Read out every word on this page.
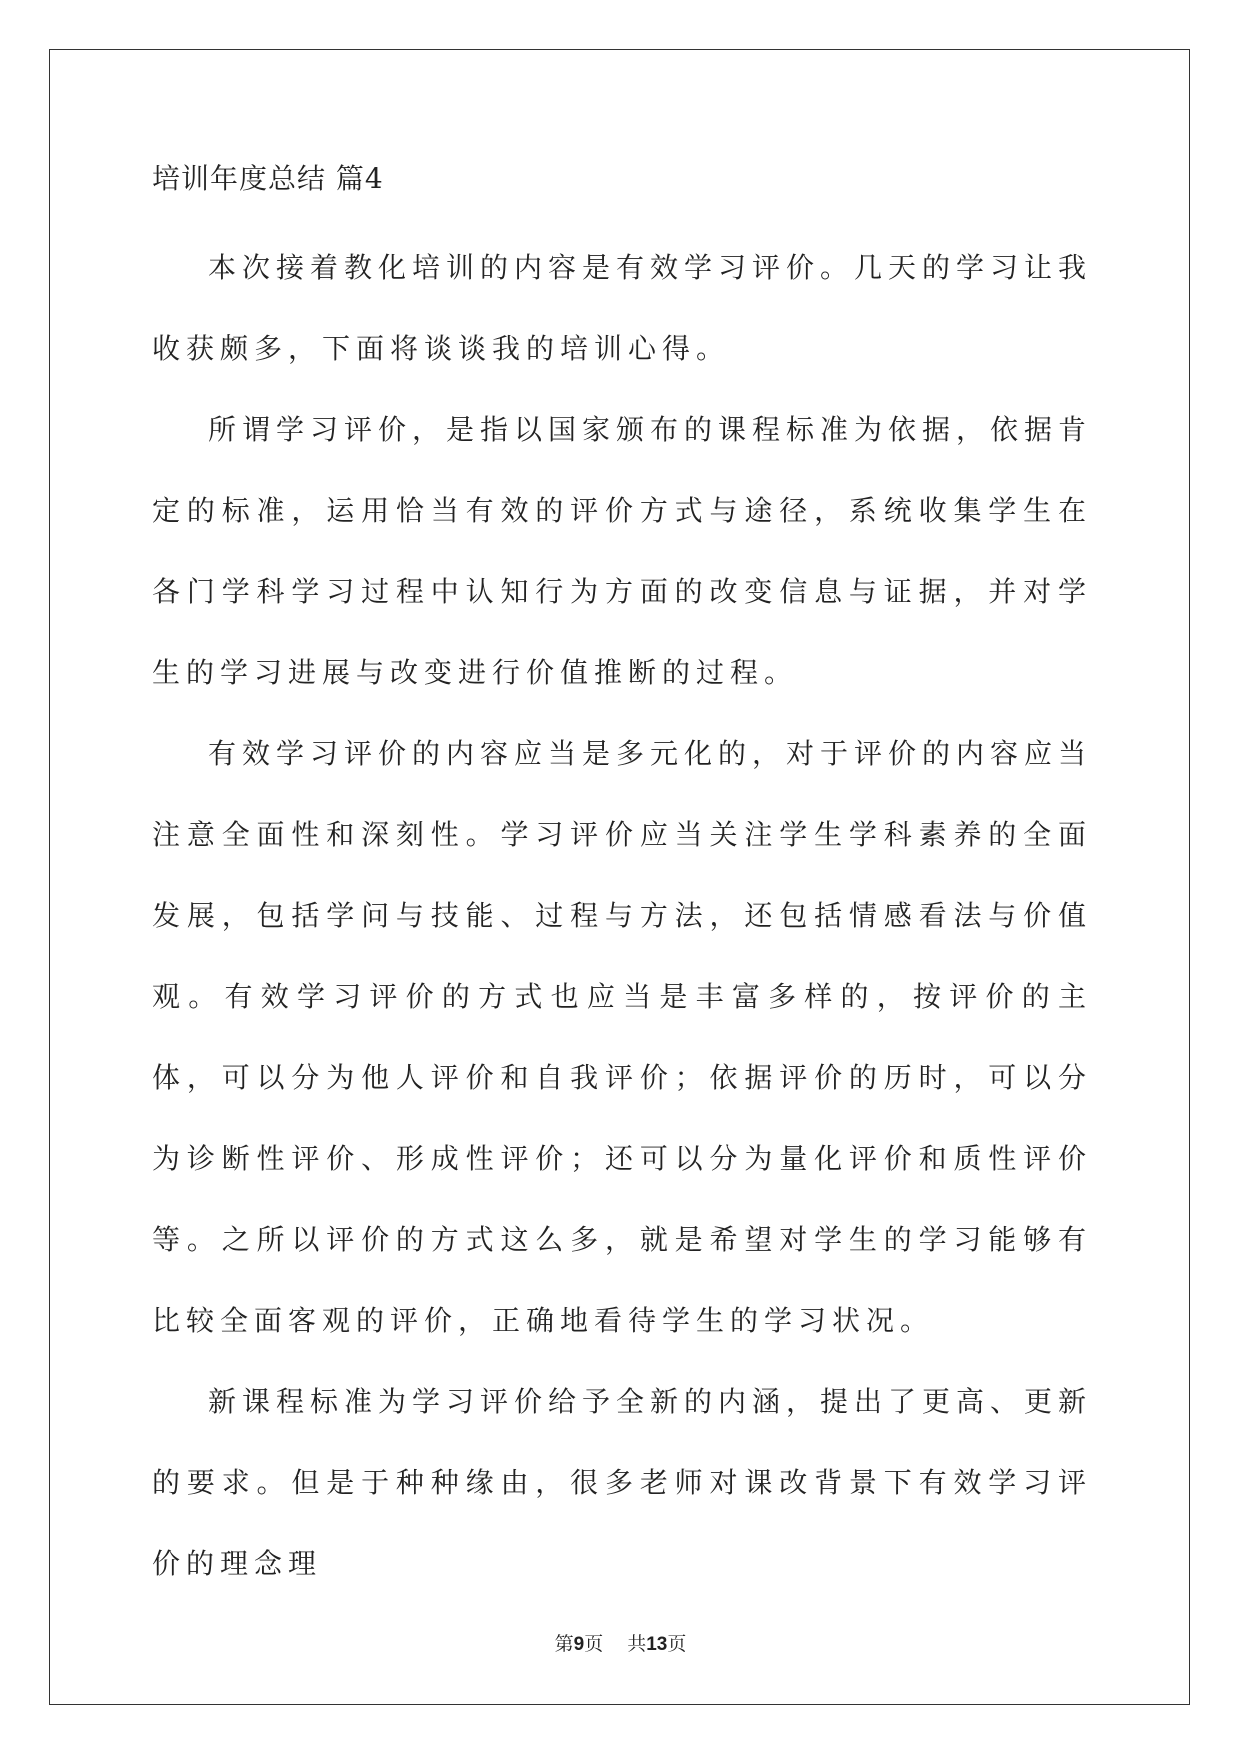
培训年度总结 篇4

本次接着教化培训的内容是有效学习评价。几天的学习让我收获颇多，下面将谈谈我的培训心得。

所谓学习评价，是指以国家颁布的课程标准为依据，依据肯定的标准，运用恰当有效的评价方式与途径，系统收集学生在各门学科学习过程中认知行为方面的改变信息与证据，并对学生的学习进展与改变进行价值推断的过程。

有效学习评价的内容应当是多元化的，对于评价的内容应当注意全面性和深刻性。学习评价应当关注学生学科素养的全面发展，包括学问与技能、过程与方法，还包括情感看法与价值观。有效学习评价的方式也应当是丰富多样的，按评价的主体，可以分为他人评价和自我评价；依据评价的历时，可以分为诊断性评价、形成性评价；还可以分为量化评价和质性评价等。之所以评价的方式这么多，就是希望对学生的学习能够有比较全面客观的评价，正确地看待学生的学习状况。

新课程标准为学习评价给予全新的内涵，提出了更高、更新的要求。但是于种种缘由，很多老师对课改背景下有效学习评价的理念理

第9页 共13页
